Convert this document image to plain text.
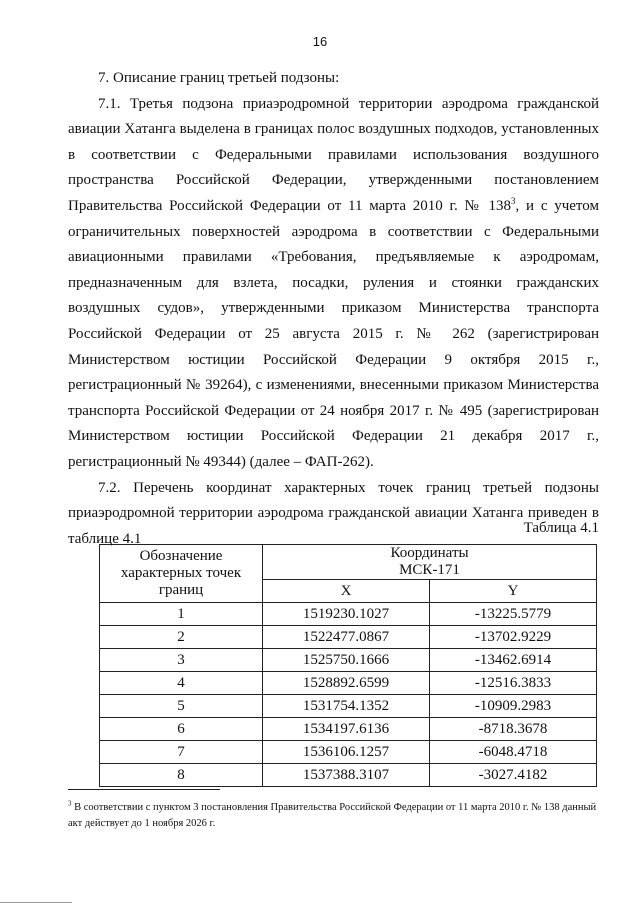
16

7. Описание границ третьей подзоны:

7.1. Третья подзона приаэродромной территории аэродрома гражданской авиации Хатанга выделена в границах полос воздушных подходов, установленных в соответствии с Федеральными правилами использования воздушного пространства Российской Федерации, утвержденными постановлением Правительства Российской Федерации от 11 марта 2010 г. № $138^3$, и с учетом ограничительных поверхностей аэродрома в соответствии с Федеральными авиационными правилами «Требования, предъявляемые к аэродромам, предназначенным для взлета, посадки, руления и стоянки гражданских воздушных судов», утвержденными приказом Министерства транспорта Российской Федерации от 25 августа 2015 г. № 262 (зарегистрирован Министерством юстиции Российской Федерации 9 октября 2015 г., регистрационный № 39264), с изменениями, внесенными приказом Министерства транспорта Российской Федерации от 24 ноября 2017 г. № 495 (зарегистрирован Министерством юстиции Российской Федерации 21 декабря 2017 г., регистрационный № 49344) (далее – ФАП-262).

7.2. Перечень координат характерных точек границ третьей подзоны приаэродромной территории аэродрома гражданской авиации Хатанга приведен в таблице 4.1

Таблица 4.1
Обозначение
характерных точек
границ	Координаты
МСК-171	
	X	Y
1	1519230.1027	-13225.5779
2	1522477.0867	-13702.9229
3	1525750.1666	-13462.6914
4	1528892.6599	-12516.3833
5	1531754.1352	-10909.2983
6	1534197.6136	-8718.3678
7	1536106.1257	-6048.4718
8	1537388.3107	-3027.4182
$^3$ В соответствии с пунктом 3 постановления Правительства Российской Федерации от 11 марта 2010 г. № 138 данный акт действует до 1 ноября 2026 г.
